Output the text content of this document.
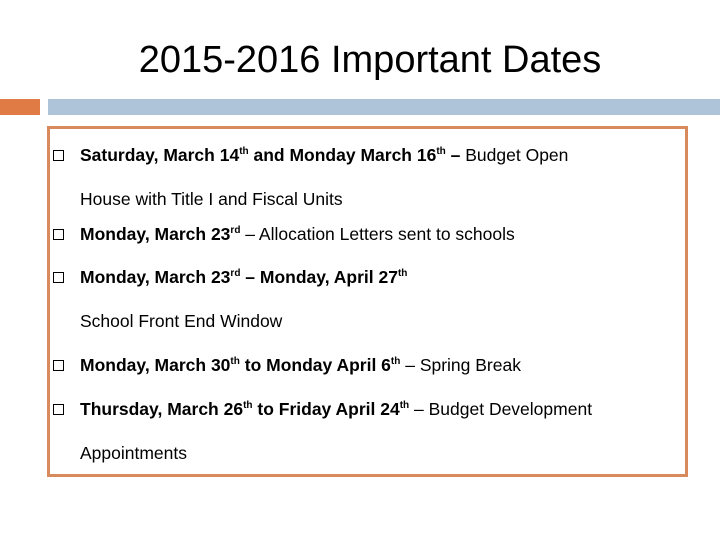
2015-2016 Important Dates
Saturday, March 14th and Monday March 16th – Budget Open
House with Title I and Fiscal Units
Monday, March 23rd – Allocation Letters sent to schools
Monday, March 23rd – Monday, April 27th
School Front End Window
Monday, March 30th to Monday April 6th – Spring Break
Thursday, March 26th to Friday April 24th – Budget Development
Appointments
